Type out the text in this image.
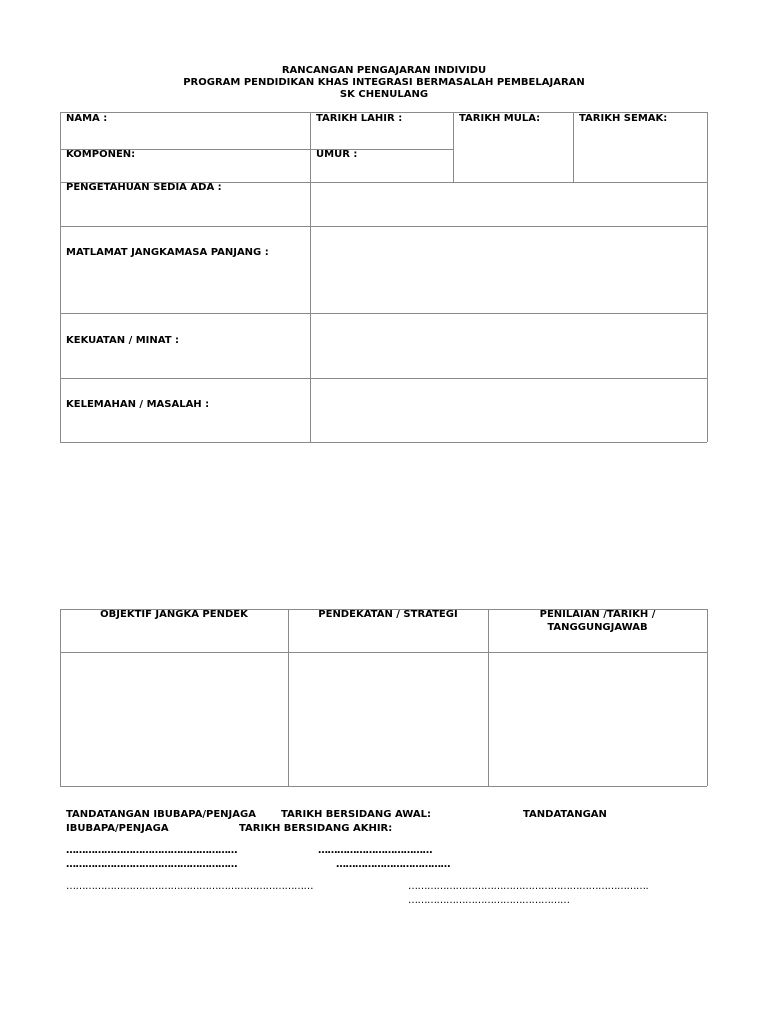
RANCANGAN PENGAJARAN INDIVIDU
PROGRAM PENDIDIKAN KHAS INTEGRASI BERMASALAH PEMBELAJARAN
SK CHENULANG
NAMA :	TARIKH LAHIR :	TARIKH MULA:	TARIKH SEMAK:
KOMPONEN:	UMUR :
PENGETAHUAN SEDIA ADA :
MATLAMAT JANGKAMASA PANJANG :
KEKUATAN / MINAT :
KELEMAHAN / MASALAH :
OBJEKTIF JANGKA PENDEK	PENDEKATAN / STRATEGI	PENILAIAN /TARIKH /
TANGGUNGJAWAB
TANDATANGAN IBUBAPA/PENJAGA	TARIKH BERSIDANG AWAL:	TANDATANGAN
IBUBAPA/PENJAGA	TARIKH BERSIDANG AKHIR:
………………………………………………	………………………………
………………………………………………	………………………………
……………………………………………………………………	………………………………………………………………….
……………………………………………
